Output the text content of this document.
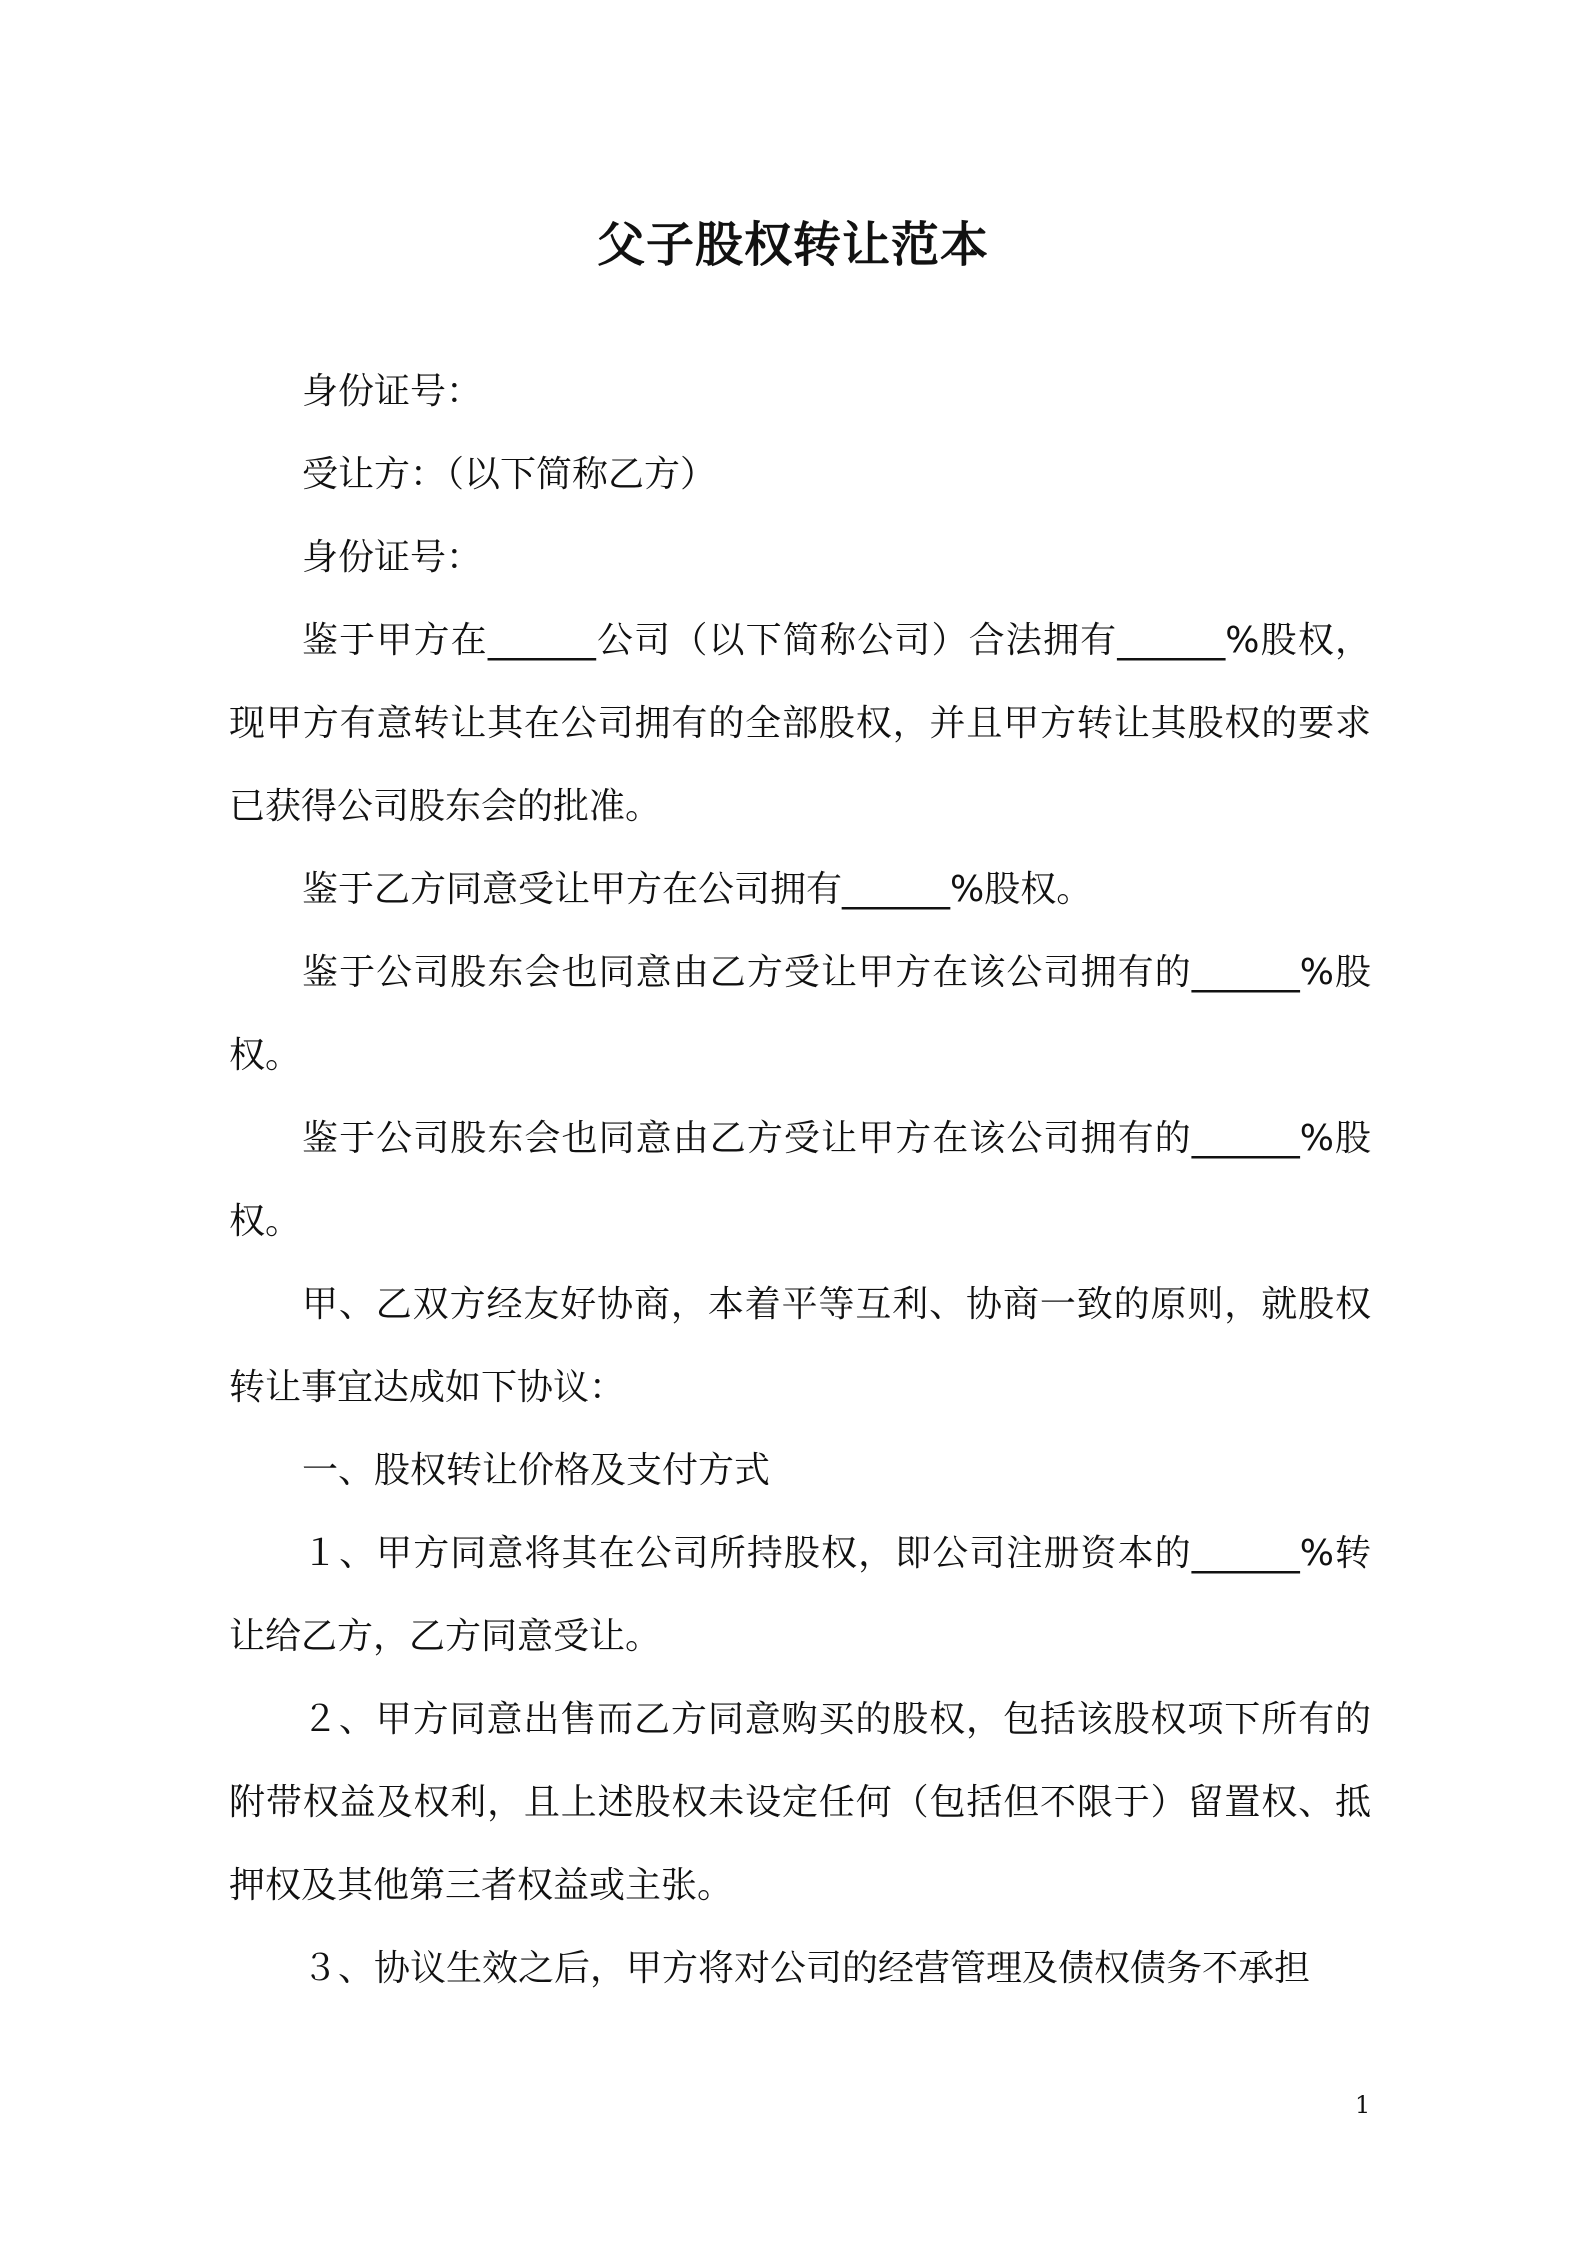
父子股权转让范本

身份证号：

受让方：（以下简称乙方）

身份证号：

鉴于甲方在______公司（以下简称公司）合法拥有______%股权，现甲方有意转让其在公司拥有的全部股权，并且甲方转让其股权的要求已获得公司股东会的批准。

鉴于乙方同意受让甲方在公司拥有______%股权。

鉴于公司股东会也同意由乙方受让甲方在该公司拥有的______%股权。

鉴于公司股东会也同意由乙方受让甲方在该公司拥有的______%股权。

甲、乙双方经友好协商，本着平等互利、协商一致的原则，就股权转让事宜达成如下协议：

一、股权转让价格及支付方式

１、甲方同意将其在公司所持股权，即公司注册资本的______%转让给乙方，乙方同意受让。

２、甲方同意出售而乙方同意购买的股权，包括该股权项下所有的附带权益及权利，且上述股权未设定任何（包括但不限于）留置权、抵押权及其他第三者权益或主张。

３、协议生效之后，甲方将对公司的经营管理及债权债务不承担

1
